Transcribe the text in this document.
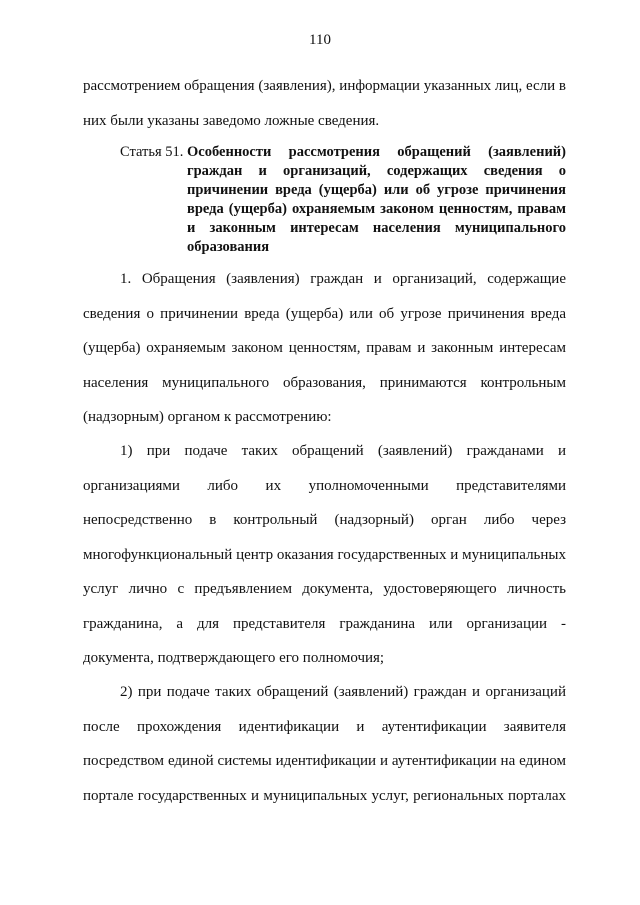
110
рассмотрением обращения (заявления), информации указанных лиц, если в них были указаны заведомо ложные сведения.
Статья 51. Особенности рассмотрения обращений (заявлений) граждан и организаций, содержащих сведения о причинении вреда (ущерба) или об угрозе причинения вреда (ущерба) охраняемым законом ценностям, правам и законным интересам населения муниципального образования
1. Обращения (заявления) граждан и организаций, содержащие сведения о причинении вреда (ущерба) или об угрозе причинения вреда (ущерба) охраняемым законом ценностям, правам и законным интересам населения муниципального образования, принимаются контрольным (надзорным) органом к рассмотрению:
1) при подаче таких обращений (заявлений) гражданами и организациями либо их уполномоченными представителями непосредственно в контрольный (надзорный) орган либо через многофункциональный центр оказания государственных и муниципальных услуг лично с предъявлением документа, удостоверяющего личность гражданина, а для представителя гражданина или организации - документа, подтверждающего его полномочия;
2) при подаче таких обращений (заявлений) граждан и организаций после прохождения идентификации и аутентификации заявителя посредством единой системы идентификации и аутентификации на едином портале государственных и муниципальных услуг, региональных порталах
